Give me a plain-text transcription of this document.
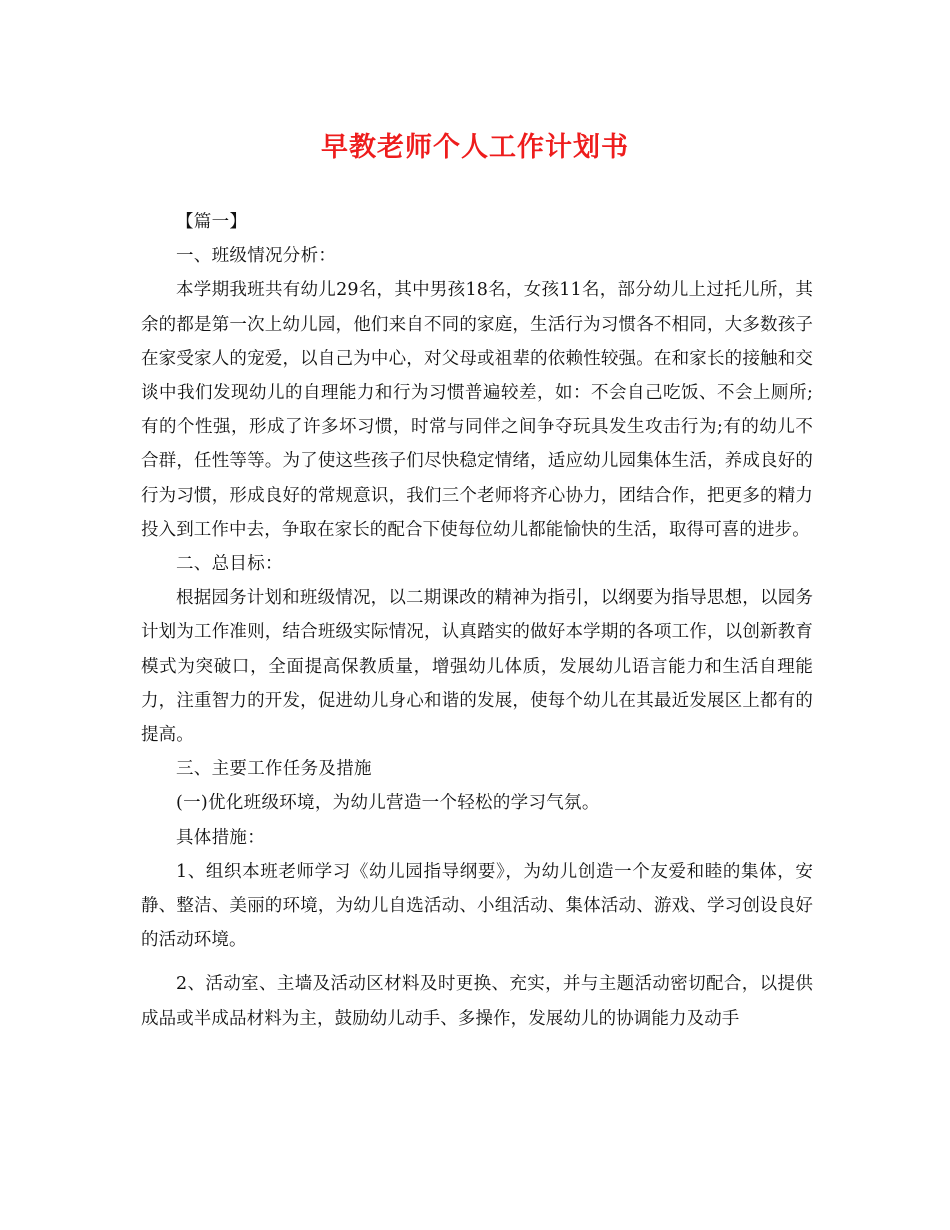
早教老师个人工作计划书

【篇一】

一、班级情况分析：

本学期我班共有幼儿29名，其中男孩18名，女孩11名，部分幼儿上过托儿所，其余的都是第一次上幼儿园，他们来自不同的家庭，生活行为习惯各不相同，大多数孩子在家受家人的宠爱，以自己为中心，对父母或祖辈的依赖性较强。在和家长的接触和交谈中我们发现幼儿的自理能力和行为习惯普遍较差，如：不会自己吃饭、不会上厕所;有的个性强，形成了许多坏习惯，时常与同伴之间争夺玩具发生攻击行为;有的幼儿不合群，任性等等。为了使这些孩子们尽快稳定情绪，适应幼儿园集体生活，养成良好的行为习惯，形成良好的常规意识，我们三个老师将齐心协力，团结合作，把更多的精力投入到工作中去，争取在家长的配合下使每位幼儿都能愉快的生活，取得可喜的进步。

二、总目标：

根据园务计划和班级情况，以二期课改的精神为指引，以纲要为指导思想，以园务计划为工作准则，结合班级实际情况，认真踏实的做好本学期的各项工作，以创新教育模式为突破口，全面提高保教质量，增强幼儿体质，发展幼儿语言能力和生活自理能力，注重智力的开发，促进幼儿身心和谐的发展，使每个幼儿在其最近发展区上都有的提高。

三、主要工作任务及措施

(一)优化班级环境，为幼儿营造一个轻松的学习气氛。

具体措施：

1、组织本班老师学习《幼儿园指导纲要》，为幼儿创造一个友爱和睦的集体，安静、整洁、美丽的环境，为幼儿自选活动、小组活动、集体活动、游戏、学习创设良好的活动环境。

2、活动室、主墙及活动区材料及时更换、充实，并与主题活动密切配合，以提供成品或半成品材料为主，鼓励幼儿动手、多操作，发展幼儿的协调能力及动手
